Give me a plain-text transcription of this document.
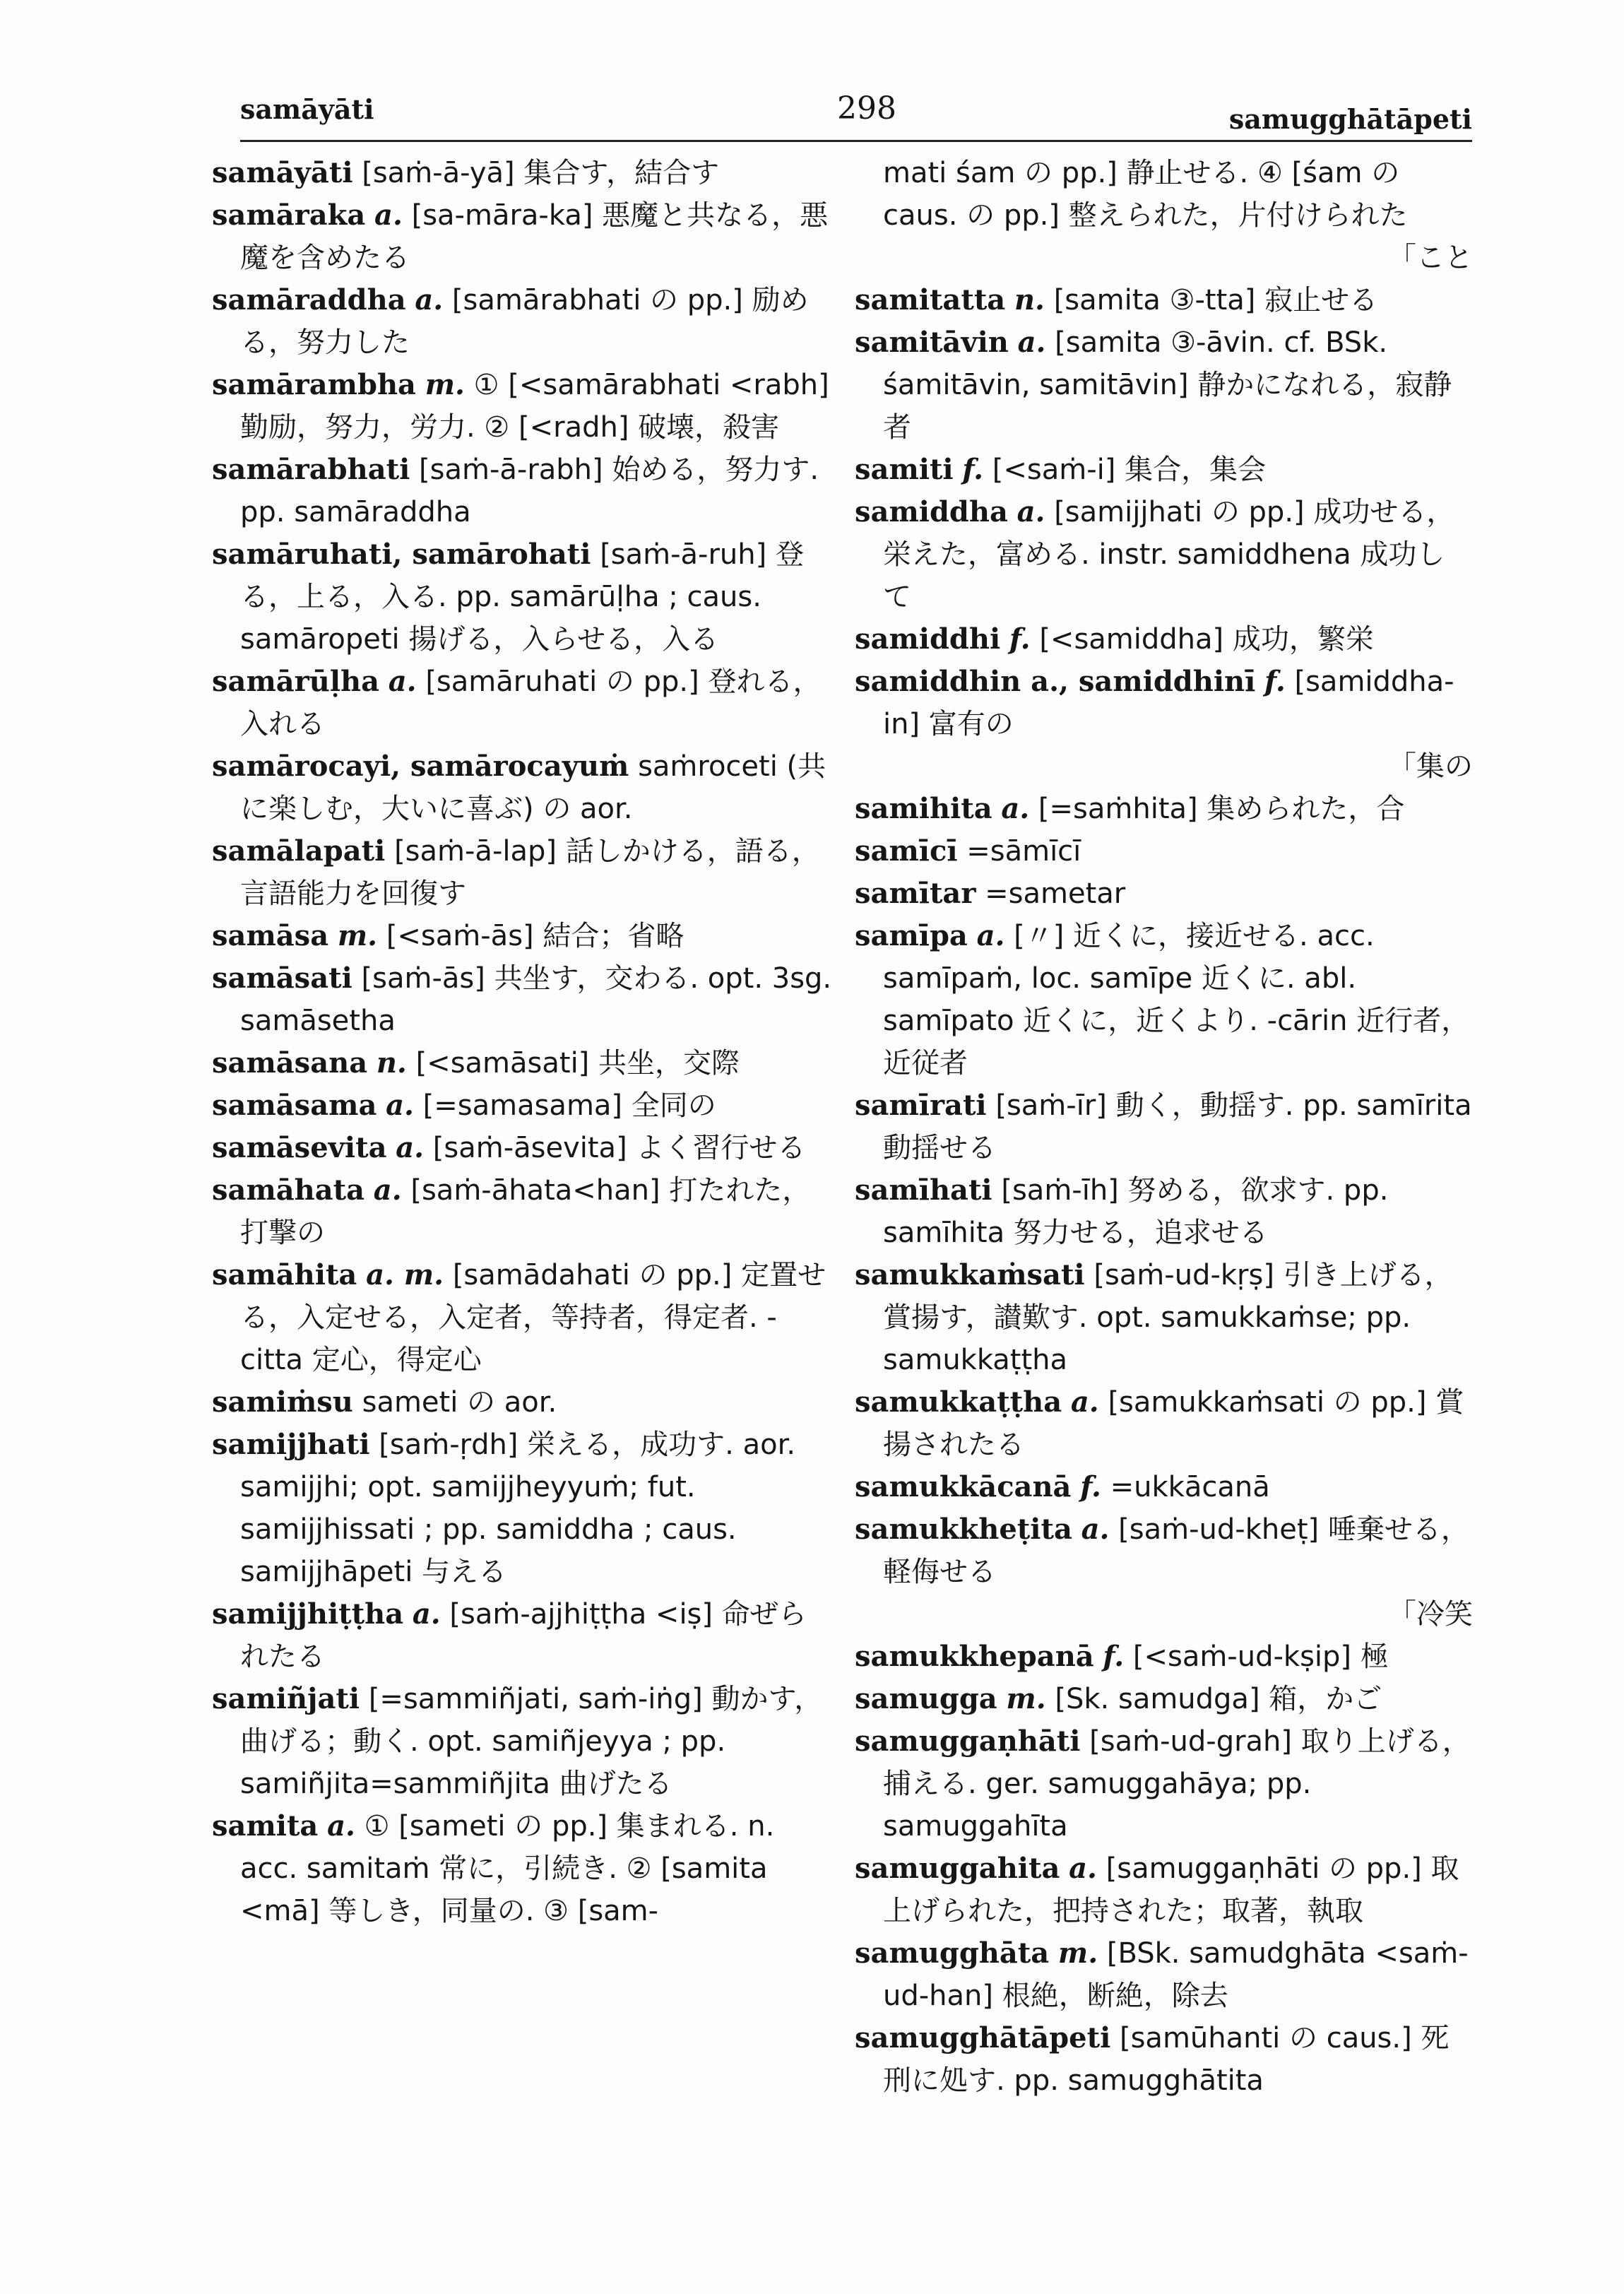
samāyāti	298	samugghātāpeti

samāyāti [saṁ-ā-yā] 集合す，結合す

samāraka a. [sa-māra-ka] 悪魔と共なる，悪魔を含めたる

samāraddha a. [samārabhati の pp.] 励める，努力した

samārambha m. ① [<samārabhati <rabh] 勤励，努力，労力. ② [<radh] 破壊，殺害

samārabhati [saṁ-ā-rabh] 始める，努力す. pp. samāraddha

samāruhati, samārohati [saṁ-ā-ruh] 登る，上る，入る. pp. samārūḷha ; caus. samāropeti 揚げる，入らせる，入る

samārūḷha a. [samāruhati の pp.] 登れる，入れる

samārocayi, samārocayuṁ saṁroceti (共に楽しむ，大いに喜ぶ) の aor.

samālapati [saṁ-ā-lap] 話しかける，語る，言語能力を回復す

samāsa m. [<saṁ-ās] 結合；省略

samāsati [saṁ-ās] 共坐す，交わる. opt. 3sg. samāsetha

samāsana n. [<samāsati] 共坐，交際

samāsama a. [=samasama] 全同の

samāsevita a. [saṁ-āsevita] よく習行せる

samāhata a. [saṁ-āhata<han] 打たれた，打撃の

samāhita a. m. [samādahati の pp.] 定置せる，入定せる，入定者，等持者，得定者. -citta 定心，得定心

samiṁsu sameti の aor.

samijjhati [saṁ-ṛdh] 栄える，成功す. aor. samijjhi; opt. samijjheyyuṁ; fut. samijjhissati ; pp. samiddha ; caus. samijjhāpeti 与える

samijjhiṭṭha a. [saṁ-ajjhiṭṭha <iṣ] 命ぜられたる

samiñjati [=sammiñjati, saṁ-iṅg] 動かす，曲げる；動く. opt. samiñjeyya ; pp. samiñjita=sammiñjita 曲げたる

samita a. ① [sameti の pp.] 集まれる. n. acc. samitaṁ 常に，引続き. ② [samita <mā] 等しき，同量の. ③ [sam-

mati śam の pp.] 静止せる. ④ [śam の caus. の pp.] 整えられた，片付けられた
「こと

samitatta n. [samita ③-tta] 寂止せる

samitāvin a. [samita ③-āvin. cf. BSk. śamitāvin, samitāvin] 静かになれる，寂静者

samiti f. [<saṁ-i] 集合，集会

samiddha a. [samijjhati の pp.] 成功せる，栄えた，富める. instr. samiddhena 成功して

samiddhi f. [<samiddha] 成功，繁栄

samiddhin a., samiddhinī f. [samiddha-in] 富有の
「集の

samihita a. [=saṁhita] 集められた，合

samīcī =sāmīcī

samītar =sametar

samīpa a. [〃] 近くに，接近せる. acc. samīpaṁ, loc. samīpe 近くに. abl. samīpato 近くに，近くより. -cārin 近行者，近従者

samīrati [saṁ-īr] 動く，動揺す. pp. samīrita 動揺せる

samīhati [saṁ-īh] 努める，欲求す. pp. samīhita 努力せる，追求せる

samukkaṁsati [saṁ-ud-kṛṣ] 引き上げる，賞揚す，讃歎す. opt. samukkaṁse; pp. samukkaṭṭha

samukkaṭṭha a. [samukkaṁsati の pp.] 賞揚されたる

samukkācanā f. =ukkācanā

samukkheṭita a. [saṁ-ud-kheṭ] 唾棄せる，軽侮せる
「冷笑

samukkhepanā f. [<saṁ-ud-kṣip] 極

samugga m. [Sk. samudga] 箱，かご

samuggaṇhāti [saṁ-ud-grah] 取り上げる，捕える. ger. samuggahāya; pp. samuggahīta

samuggahita a. [samuggaṇhāti の pp.] 取上げられた，把持された；取著，執取

samugghāta m. [BSk. samudghāta <saṁ-ud-han] 根絶，断絶，除去

samugghātāpeti [samūhanti の caus.] 死刑に処す. pp. samugghātita
